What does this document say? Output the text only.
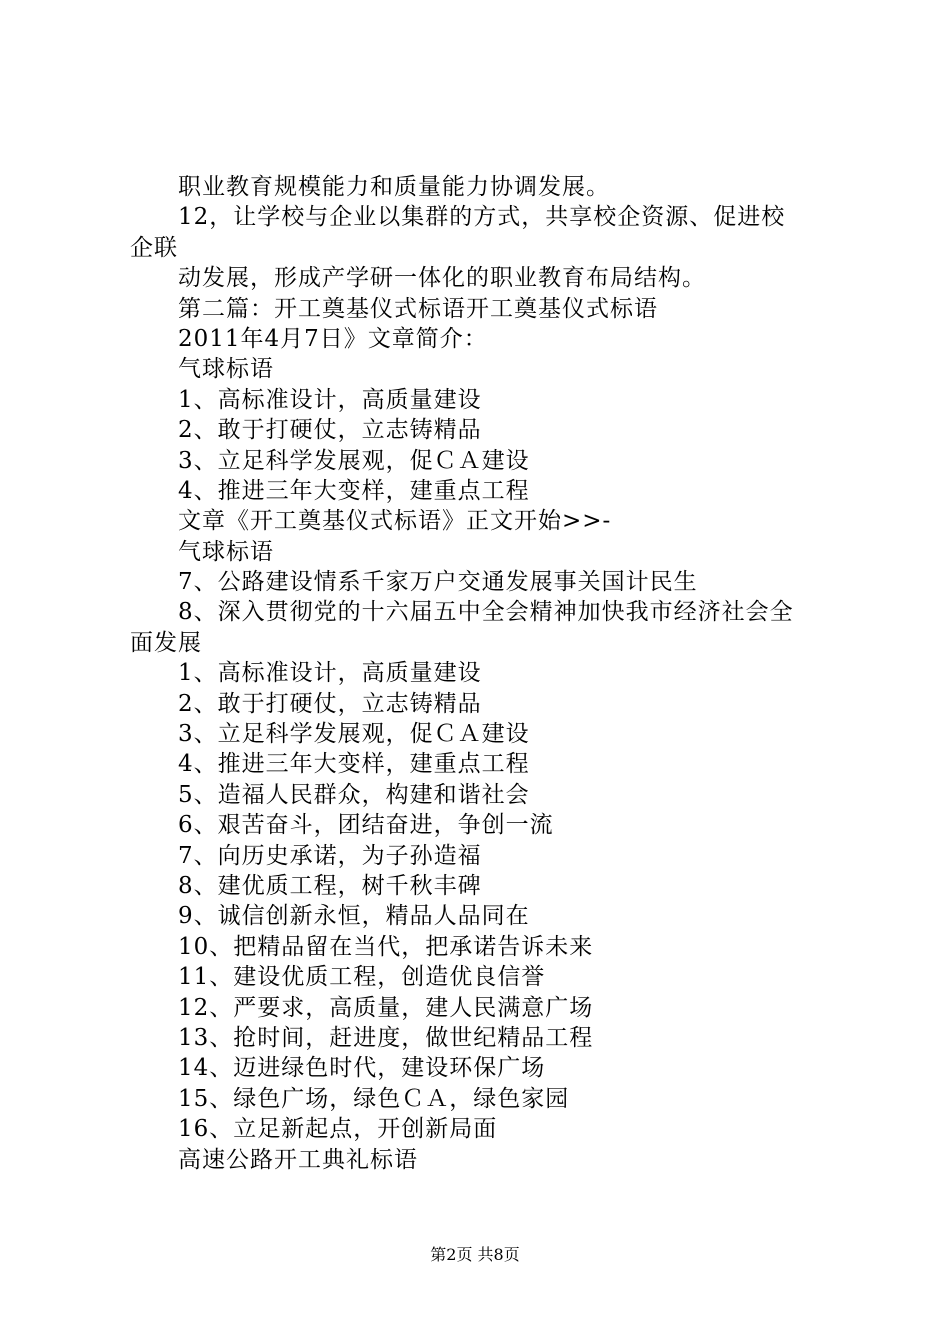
职业教育规模能力和质量能力协调发展。
12，让学校与企业以集群的方式，共享校企资源、促进校
企联
动发展，形成产学研一体化的职业教育布局结构。
第二篇：开工奠基仪式标语开工奠基仪式标语
2011年4月7日》文章简介：
气球标语
1、高标准设计，高质量建设
2、敢于打硬仗，立志铸精品
3、立足科学发展观，促ＣＡ建设
4、推进三年大变样，建重点工程
文章《开工奠基仪式标语》正文开始>>-
气球标语
7、公路建设情系千家万户交通发展事关国计民生
8、深入贯彻党的十六届五中全会精神加快我市经济社会全
面发展
1、高标准设计，高质量建设
2、敢于打硬仗，立志铸精品
3、立足科学发展观，促ＣＡ建设
4、推进三年大变样，建重点工程
5、造福人民群众，构建和谐社会
6、艰苦奋斗，团结奋进，争创一流
7、向历史承诺，为子孙造福
8、建优质工程，树千秋丰碑
9、诚信创新永恒，精品人品同在
10、把精品留在当代，把承诺告诉未来
11、建设优质工程，创造优良信誉
12、严要求，高质量，建人民满意广场
13、抢时间，赶进度，做世纪精品工程
14、迈进绿色时代，建设环保广场
15、绿色广场，绿色ＣＡ，绿色家园
16、立足新起点，开创新局面
高速公路开工典礼标语
第2页 共8页
